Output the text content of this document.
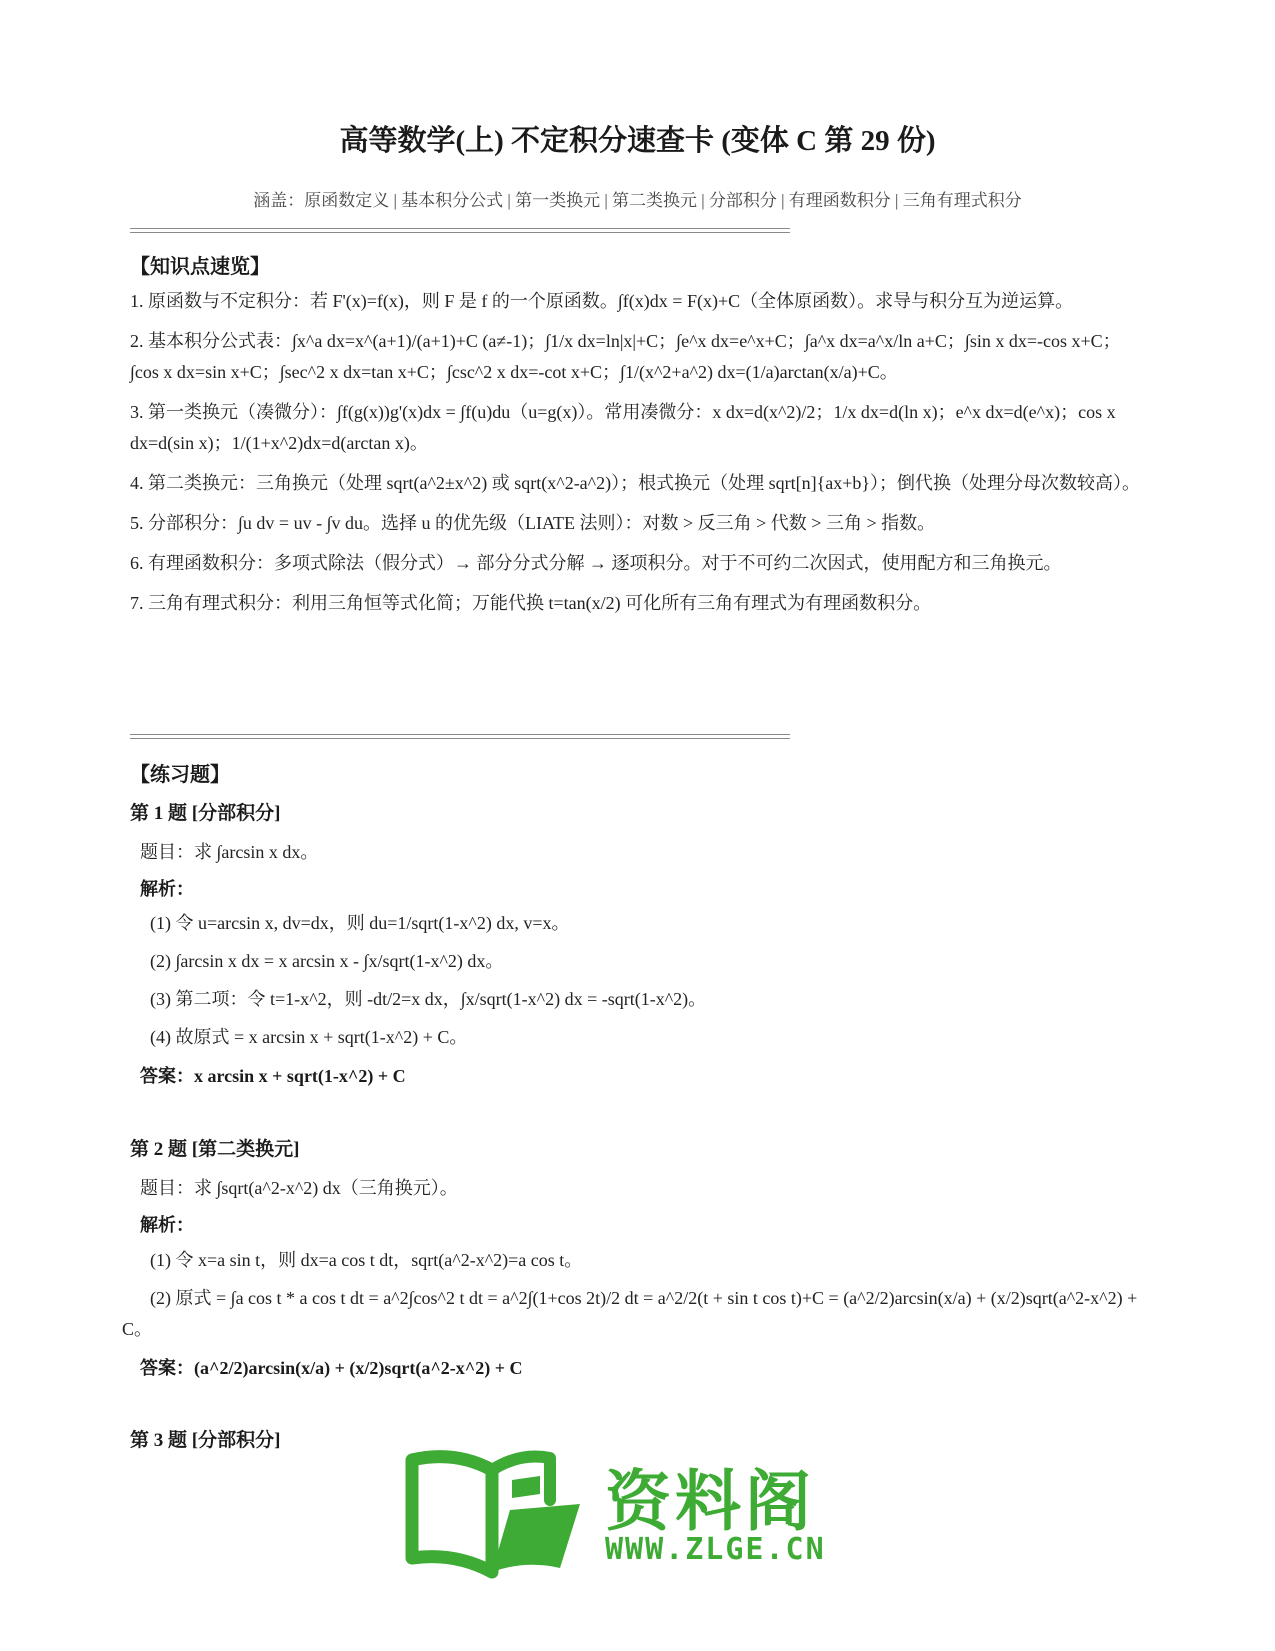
高等数学(上) 不定积分速查卡 (变体 C 第 29 份)
涵盖：原函数定义 | 基本积分公式 | 第一类换元 | 第二类换元 | 分部积分 | 有理函数积分 | 三角有理式积分
【知识点速览】

1. 原函数与不定积分：若 F'(x)=f(x)，则 F 是 f 的一个原函数。∫f(x)dx = F(x)+C（全体原函数）。求导与积分互为逆运算。

2. 基本积分公式表：∫x^a dx=x^(a+1)/(a+1)+C (a≠-1)；∫1/x dx=ln|x|+C；∫e^x dx=e^x+C；∫a^x dx=a^x/ln a+C；∫sin x dx=-cos x+C；∫cos x dx=sin x+C；∫sec^2 x dx=tan x+C；∫csc^2 x dx=-cot x+C；∫1/(x^2+a^2) dx=(1/a)arctan(x/a)+C。

3. 第一类换元（凑微分）：∫f(g(x))g'(x)dx = ∫f(u)du（u=g(x)）。常用凑微分：x dx=d(x^2)/2；1/x dx=d(ln x)；e^x dx=d(e^x)；cos x dx=d(sin x)；1/(1+x^2)dx=d(arctan x)。

4. 第二类换元：三角换元（处理 sqrt(a^2±x^2) 或 sqrt(x^2-a^2)）；根式换元（处理 sqrt[n]{ax+b}）；倒代换（处理分母次数较高）。

5. 分部积分：∫u dv = uv - ∫v du。选择 u 的优先级（LIATE 法则）：对数 > 反三角 > 代数 > 三角 > 指数。

6. 有理函数积分：多项式除法（假分式）→ 部分分式分解 → 逐项积分。对于不可约二次因式，使用配方和三角换元。

7. 三角有理式积分：利用三角恒等式化简；万能代换 t=tan(x/2) 可化所有三角有理式为有理函数积分。

【练习题】
第 1 题 [分部积分]
题目：求 ∫arcsin x dx。
解析：
(1) 令 u=arcsin x, dv=dx，则 du=1/sqrt(1-x^2) dx, v=x。
(2) ∫arcsin x dx = x arcsin x - ∫x/sqrt(1-x^2) dx。
(3) 第二项：令 t=1-x^2，则 -dt/2=x dx，∫x/sqrt(1-x^2) dx = -sqrt(1-x^2)。
(4) 故原式 = x arcsin x + sqrt(1-x^2) + C。
答案：x arcsin x + sqrt(1-x^2) + C
第 2 题 [第二类换元]
题目：求 ∫sqrt(a^2-x^2) dx（三角换元）。
解析：
(1) 令 x=a sin t，则 dx=a cos t dt，sqrt(a^2-x^2)=a cos t。
(2) 原式 = ∫a cos t * a cos t dt = a^2∫cos^2 t dt = a^2∫(1+cos 2t)/2 dt = a^2/2(t + sin t cos t)+C = (a^2/2)arcsin(x/a) + (x/2)sqrt(a^2-x^2) + C。
答案：(a^2/2)arcsin(x/a) + (x/2)sqrt(a^2-x^2) + C
第 3 题 [分部积分]
资料阁
WWW.ZLGE.CN
